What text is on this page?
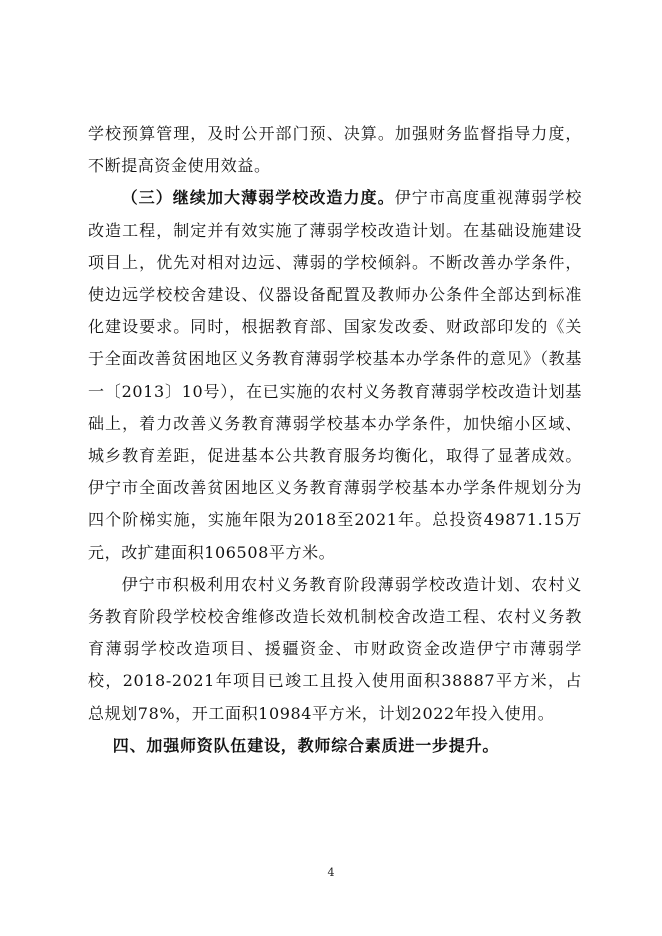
学校预算管理，及时公开部门预、决算。加强财务监督指导力度，不断提高资金使用效益。

（三）继续加大薄弱学校改造力度。伊宁市高度重视薄弱学校改造工程，制定并有效实施了薄弱学校改造计划。在基础设施建设项目上，优先对相对边远、薄弱的学校倾斜。不断改善办学条件，使边远学校校舍建设、仪器设备配置及教师办公条件全部达到标准化建设要求。同时，根据教育部、国家发改委、财政部印发的《关于全面改善贫困地区义务教育薄弱学校基本办学条件的意见》（教基一〔2013〕10号），在已实施的农村义务教育薄弱学校改造计划基础上，着力改善义务教育薄弱学校基本办学条件，加快缩小区域、城乡教育差距，促进基本公共教育服务均衡化，取得了显著成效。伊宁市全面改善贫困地区义务教育薄弱学校基本办学条件规划分为四个阶梯实施，实施年限为2018至2021年。总投资49871.15万元，改扩建面积106508平方米。

伊宁市积极利用农村义务教育阶段薄弱学校改造计划、农村义务教育阶段学校校舍维修改造长效机制校舍改造工程、农村义务教育薄弱学校改造项目、援疆资金、市财政资金改造伊宁市薄弱学校，2018-2021年项目已竣工且投入使用面积38887平方米，占总规划78%，开工面积10984平方米，计划2022年投入使用。

四、加强师资队伍建设，教师综合素质进一步提升。

4
